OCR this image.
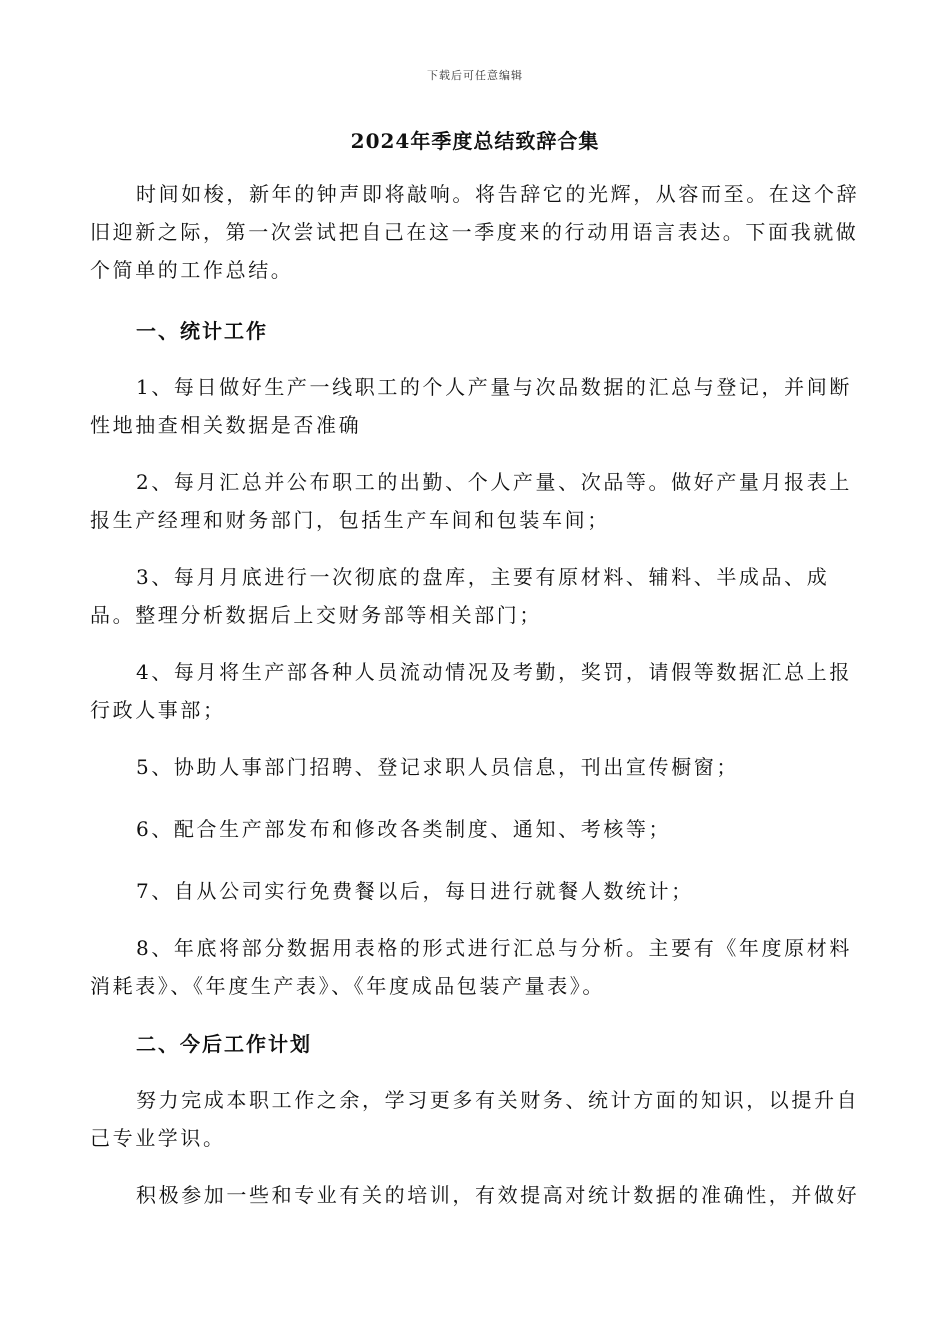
下载后可任意编辑
2024年季度总结致辞合集

时间如梭，新年的钟声即将敲响。将告辞它的光辉，从容而至。在这个辞旧迎新之际，第一次尝试把自己在这一季度来的行动用语言表达。下面我就做个简单的工作总结。

一、统计工作

1、每日做好生产一线职工的个人产量与次品数据的汇总与登记，并间断性地抽查相关数据是否准确

2、每月汇总并公布职工的出勤、个人产量、次品等。做好产量月报表上报生产经理和财务部门，包括生产车间和包装车间；

3、每月月底进行一次彻底的盘库，主要有原材料、辅料、半成品、成品。整理分析数据后上交财务部等相关部门；

4、每月将生产部各种人员流动情况及考勤，奖罚，请假等数据汇总上报行政人事部；

5、协助人事部门招聘、登记求职人员信息，刊出宣传橱窗；

6、配合生产部发布和修改各类制度、通知、考核等；

7、自从公司实行免费餐以后，每日进行就餐人数统计；

8、年底将部分数据用表格的形式进行汇总与分析。主要有《年度原材料消耗表》、《年度生产表》、《年度成品包装产量表》。

二、今后工作计划

努力完成本职工作之余，学习更多有关财务、统计方面的知识，以提升自己专业学识。

积极参加一些和专业有关的培训，有效提高对统计数据的准确性，并做好
